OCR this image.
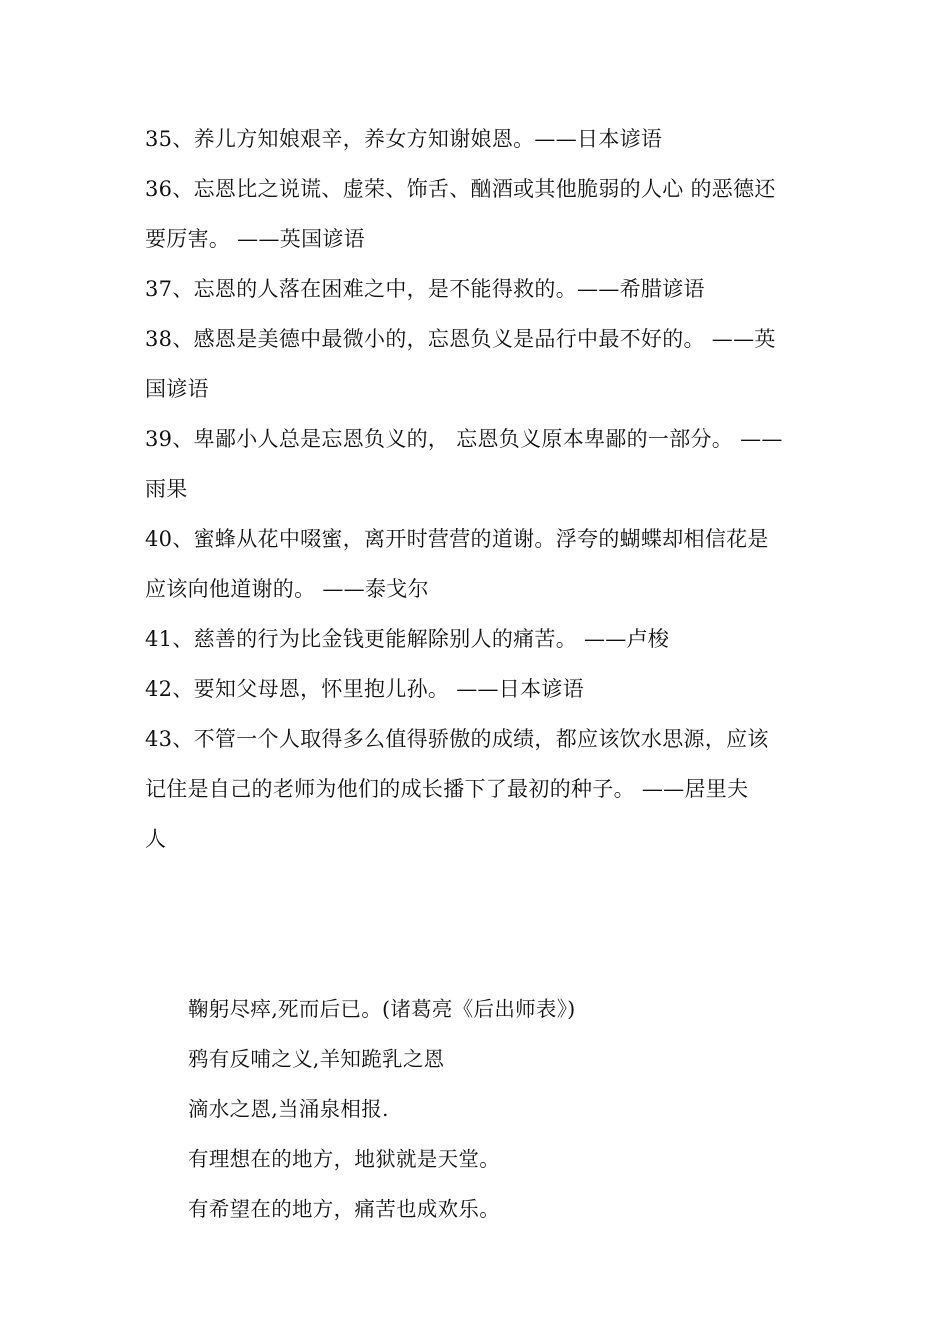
35、养儿方知娘艰辛，养女方知谢娘恩。——日本谚语
36、忘恩比之说谎、虚荣、饰舌、酗酒或其他脆弱的人心 的恶德还
要厉害。 ——英国谚语
37、忘恩的人落在困难之中，是不能得救的。——希腊谚语
38、感恩是美德中最微小的，忘恩负义是品行中最不好的。 ——英
国谚语
39、卑鄙小人总是忘恩负义的， 忘恩负义原本卑鄙的一部分。 ——
雨果
40、蜜蜂从花中啜蜜，离开时营营的道谢。浮夸的蝴蝶却相信花是
应该向他道谢的。 ——泰戈尔
41、慈善的行为比金钱更能解除别人的痛苦。 ——卢梭
42、要知父母恩，怀里抱儿孙。 ——日本谚语
43、不管一个人取得多么值得骄傲的成绩，都应该饮水思源，应该
记住是自己的老师为他们的成长播下了最初的种子。 ——居里夫
人
鞠躬尽瘁,死而后已。(诸葛亮《后出师表》)
鸦有反哺之义,羊知跪乳之恩
滴水之恩,当涌泉相报.
有理想在的地方，地狱就是天堂。
有希望在的地方，痛苦也成欢乐。
